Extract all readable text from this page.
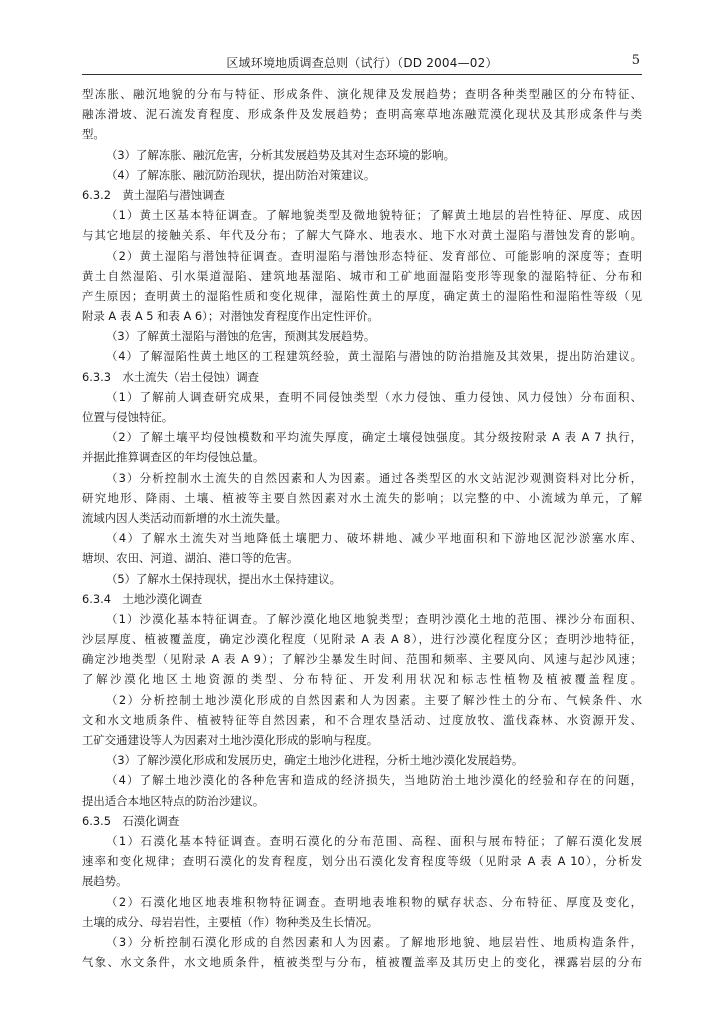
区域环境地质调查总则（试行）（DD 2004—02）	5
型冻胀、融沉地貌的分布与特征、形成条件、演化规律及发展趋势；查明各种类型融区的分布特征、
融冻滑坡、泥石流发育程度、形成条件及发展趋势；查明高寒草地冻融荒漠化现状及其形成条件与类
型。
（3）了解冻胀、融沉危害，分析其发展趋势及其对生态环境的影响。
（4）了解冻胀、融沉防治现状，提出防治对策建议。
6.3.2　黄土湿陷与潜蚀调查
（1）黄土区基本特征调查。了解地貌类型及微地貌特征；了解黄土地层的岩性特征、厚度、成因
与其它地层的接触关系、年代及分布；了解大气降水、地表水、地下水对黄土湿陷与潜蚀发育的影响。
（2）黄土湿陷与潜蚀特征调查。查明湿陷与潜蚀形态特征、发育部位、可能影响的深度等；查明
黄土自然湿陷、引水渠道湿陷、建筑地基湿陷、城市和工矿地面湿陷变形等现象的湿陷特征、分布和
产生原因；查明黄土的湿陷性质和变化规律，湿陷性黄土的厚度，确定黄土的湿陷性和湿陷性等级（见
附录 A 表 A 5 和表 A 6）；对潜蚀发育程度作出定性评价。
（3）了解黄土湿陷与潜蚀的危害，预测其发展趋势。
（4）了解湿陷性黄土地区的工程建筑经验，黄土湿陷与潜蚀的防治措施及其效果，提出防治建议。
6.3.3　水土流失（岩土侵蚀）调查
（1）了解前人调查研究成果，查明不同侵蚀类型（水力侵蚀、重力侵蚀、风力侵蚀）分布面积、
位置与侵蚀特征。
（2）了解土壤平均侵蚀模数和平均流失厚度，确定土壤侵蚀强度。其分级按附录 A 表 A 7 执行，
并据此推算调查区的年均侵蚀总量。
（3）分析控制水土流失的自然因素和人为因素。通过各类型区的水文站泥沙观测资料对比分析，
研究地形、降雨、土壤、植被等主要自然因素对水土流失的影响；以完整的中、小流域为单元，了解
流域内因人类活动而新增的水土流失量。
（4）了解水土流失对当地降低土壤肥力、破坏耕地、减少平地面积和下游地区泥沙淤塞水库、
塘坝、农田、河道、湖泊、港口等的危害。
（5）了解水土保持现状，提出水土保持建议。
6.3.4　土地沙漠化调查
（1）沙漠化基本特征调查。了解沙漠化地区地貌类型；查明沙漠化土地的范围、裸沙分布面积、
沙层厚度、植被覆盖度，确定沙漠化程度（见附录 A 表 A 8），进行沙漠化程度分区；查明沙地特征，
确定沙地类型（见附录 A 表 A 9）；了解沙尘暴发生时间、范围和频率、主要风向、风速与起沙风速；
了解沙漠化地区土地资源的类型、分布特征、开发利用状况和标志性植物及植被覆盖程度。
（2）分析控制土地沙漠化形成的自然因素和人为因素。主要了解沙性土的分布、气候条件、水
文和水文地质条件、植被特征等自然因素，和不合理农垦活动、过度放牧、滥伐森林、水资源开发、
工矿交通建设等人为因素对土地沙漠化形成的影响与程度。
（3）了解沙漠化形成和发展历史，确定土地沙化进程，分析土地沙漠化发展趋势。
（4）了解土地沙漠化的各种危害和造成的经济损失，当地防治土地沙漠化的经验和存在的问题，
提出适合本地区特点的防治沙建议。
6.3.5　石漠化调查
（1）石漠化基本特征调查。查明石漠化的分布范围、高程、面积与展布特征；了解石漠化发展
速率和变化规律；查明石漠化的发育程度，划分出石漠化发育程度等级（见附录 A 表 A 10），分析发
展趋势。
（2）石漠化地区地表堆积物特征调查。查明地表堆积物的赋存状态、分布特征、厚度及变化，
土壤的成分、母岩岩性，主要植（作）物种类及生长情况。
（3）分析控制石漠化形成的自然因素和人为因素。了解地形地貌、地层岩性、地质构造条件，
气象、水文条件，水文地质条件，植被类型与分布，植被覆盖率及其历史上的变化，裸露岩层的分布
